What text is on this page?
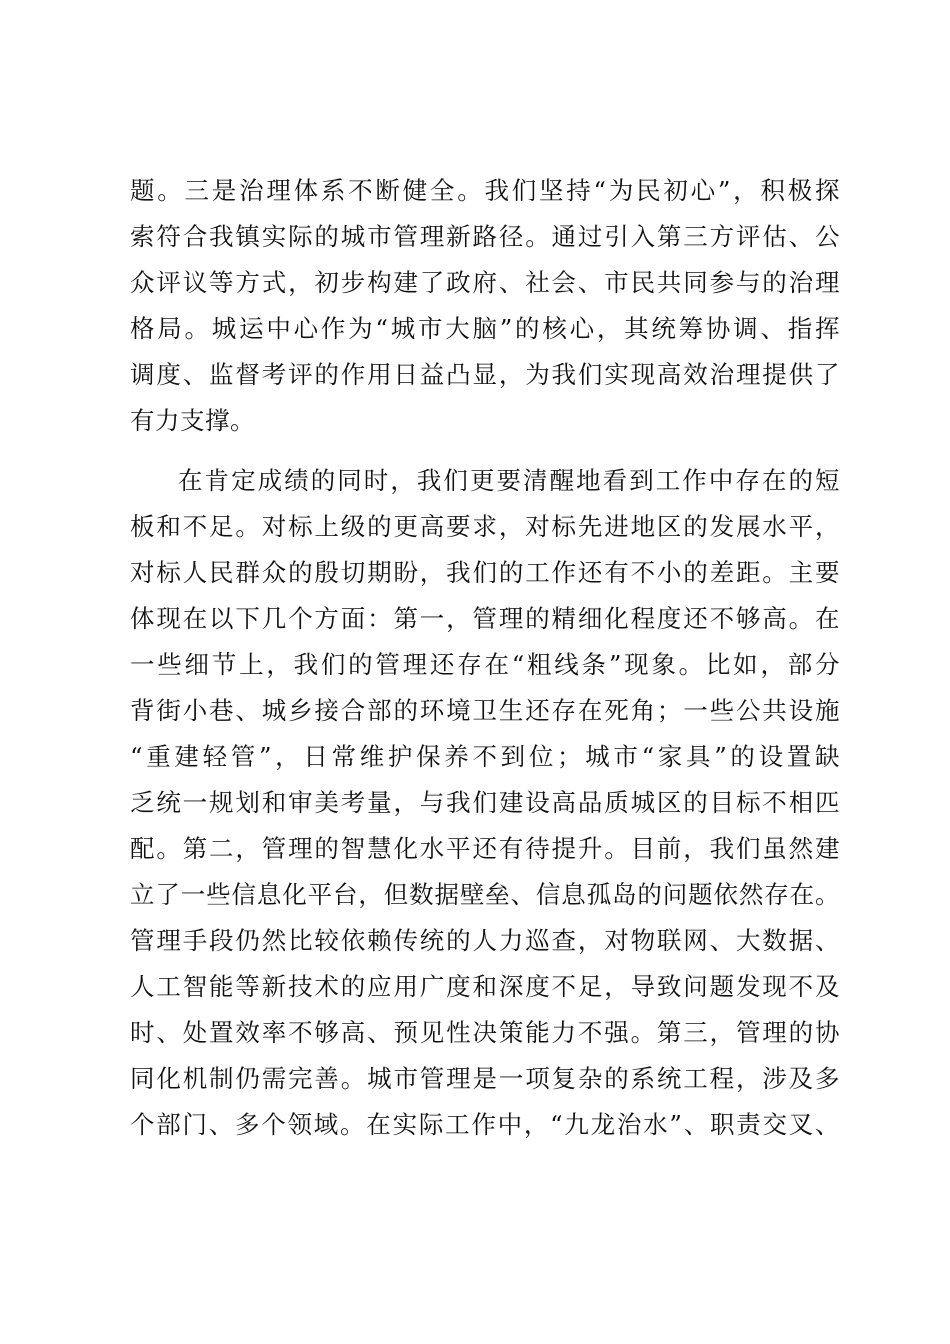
题。三是治理体系不断健全。我们坚持“为民初心”，积极探
索符合我镇实际的城市管理新路径。通过引入第三方评估、公
众评议等方式，初步构建了政府、社会、市民共同参与的治理
格局。城运中心作为“城市大脑”的核心，其统筹协调、指挥
调度、监督考评的作用日益凸显，为我们实现高效治理提供了
有力支撑。
在肯定成绩的同时，我们更要清醒地看到工作中存在的短
板和不足。对标上级的更高要求，对标先进地区的发展水平，
对标人民群众的殷切期盼，我们的工作还有不小的差距。主要
体现在以下几个方面：第一，管理的精细化程度还不够高。在
一些细节上，我们的管理还存在“粗线条”现象。比如，部分
背街小巷、城乡接合部的环境卫生还存在死角；一些公共设施
“重建轻管”，日常维护保养不到位；城市“家具”的设置缺
乏统一规划和审美考量，与我们建设高品质城区的目标不相匹
配。第二，管理的智慧化水平还有待提升。目前，我们虽然建
立了一些信息化平台，但数据壁垒、信息孤岛的问题依然存在。
管理手段仍然比较依赖传统的人力巡查，对物联网、大数据、
人工智能等新技术的应用广度和深度不足，导致问题发现不及
时、处置效率不够高、预见性决策能力不强。第三，管理的协
同化机制仍需完善。城市管理是一项复杂的系统工程，涉及多
个部门、多个领域。在实际工作中，“九龙治水”、职责交叉、
